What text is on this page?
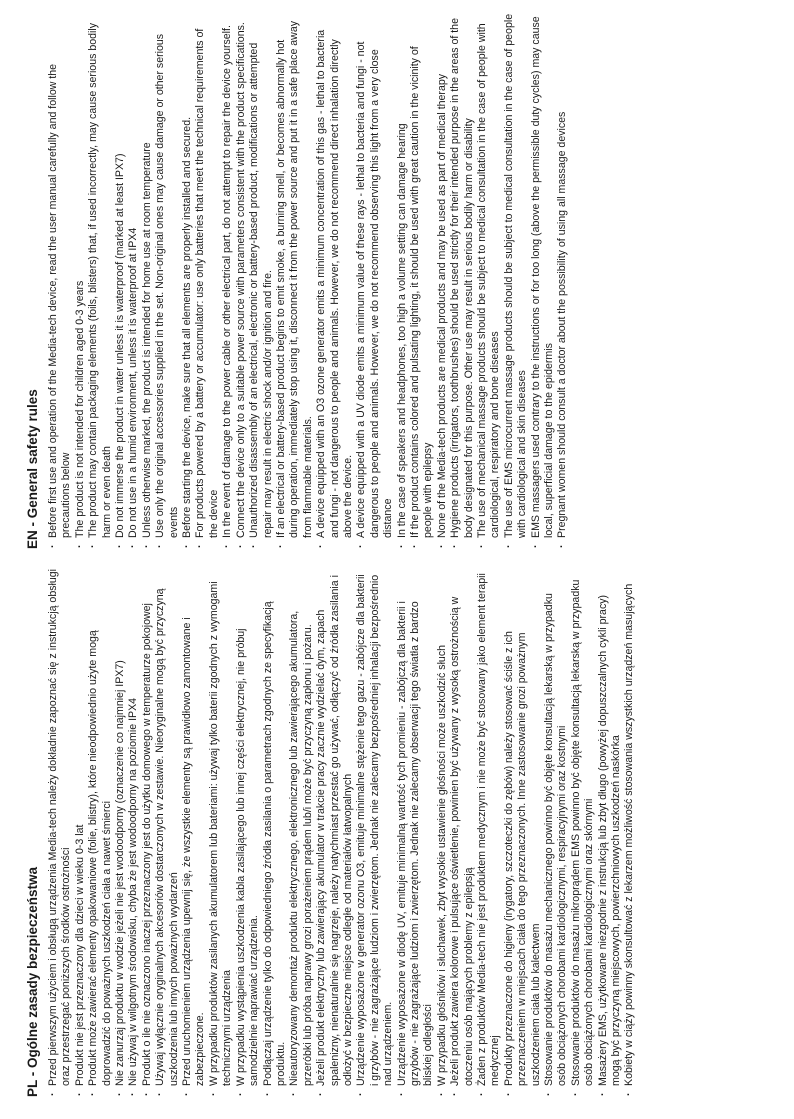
PL - Ogólne zasady bezpieczeństwa · Przed pierwszym użyciem i obsługą urządzenia Media-tech należy dokładnie zapoznać się z instrukcją obsługi oraz przestrzegać poniższych środków ostrożności · Produkt nie jest przeznaczony dla dzieci w wieku 0-3 lat · Produkt może zawierać elementy opakowaniowe (folie, blistry), które nieodpowiednio użyte mogą doprowadzić do poważnych uszkodzeń ciała a nawet śmierci · Nie zanurzaj produktu w wodzie jeżeli nie jest wodoodporny (oznaczenie co najmniej IPX7) · Nie używaj w wilgotnym środowisku, chyba że jest wodoodporny na poziomie IPX4 · Produkt o ile nie oznaczono inaczej przeznaczony jest do użytku domowego w temperaturze pokojowej · Używaj wyłącznie oryginalnych akcesoriów dostarczonych w zestawie. Nieoryginalne mogą być przyczyną uszkodzenia lub innych poważnych wydarzeń · Przed uruchomieniem urządzenia upewnij się, że wszystkie elementy są prawidłowo zamontowane i zabezpieczone. · W przypadku produktów zasilanych akumulatorem lub bateriami: używaj tylko baterii zgodnych z wymogami technicznymi urządzenia · W przypadku wystąpienia uszkodzenia kabla zasilającego lub innej części elektrycznej, nie próbuj samodzielnie naprawiać urządzenia. · Podłączaj urządzenie tylko do odpowiedniego źródła zasilania o parametrach zgodnych ze specyfikacją produktu. · Nieautoryzowany demontaż produktu elektrycznego, elektronicznego lub zawierającego akumulatora, przeróbki lub próba naprawy grozi porażeniem prądem lub/i może być przyczyną zapłonu i pożaru. · Jeżeli produkt elektryczny lub zawierający akumulator w trakcie pracy zacznie wydzielać dym, zapach spalenizny, nienaturalnie się nagrzeje, należy natychmiast przestać go używać, odłączyć od źródła zasilania i odłożyć w bezpieczne miejsce odległe od materiałów łatwopalnych · Urządzenie wyposażone w generator ozonu O3, emituje minimalne stężenie tego gazu - zabójcze dla bakterii i grzybów - nie zagrażające ludziom i zwierzętom. Jednak nie zalecamy bezpośredniej inhalacji bezpośrednio nad urządzeniem. · Urządzenie wyposażone w diodę UV, emituje minimalną wartość tych promieniu - zabójczą dla bakterii i grzybów - nie zagrażające ludziom i zwierzętom. Jednak nie zalecamy obserwacji tego światła z bardzo bliskiej odległości · W przypadku głośników i słuchawek, zbyt wysokie ustawienie głośności może uszkodzić słuch · Jeżeli produkt zawiera kolorowe i pulsujące oświetlenie, powinien być używany z wysoką ostrożnością w otoczeniu osób mających problemy z epilepsją · Żaden z produktów Media-tech nie jest produktem medycznym i nie może być stosowany jako element terapii medycznej · Produkty przeznaczone do higieny (irygatory, szczoteczki do zębów) należy stosować ściśle z ich przeznaczeniem w miejscach ciała do tego przeznaczonych. Inne zastosowanie grozi poważnym uszkodzeniem ciała lub kalectwem · Stosowanie produktów do masażu mechanicznego powinno być objęte konsultacją lekarską w przypadku osób obciążonych chorobami kardiologicznymi, respiracyjnymi oraz kostnymi · Stosowanie produktów do masażu mikroprądem EMS powinno być objęte konsultacją lekarską w przypadku osób obciążonych chorobami kardiologicznymi oraz skórnymi · Masażery EMS, użytkowane niezgodnie z instrukcją lub zbyt długo (powyżej dopuszczalnych cykli pracy) mogą być przyczyną miejscowych, powierzchniowych uszkodzeń naskórka · Kobiety w ciąży powinny skonsultować z lekarzem możliwość stosowania wszystkich urządzeń masujących
EN - General safety rules · Before first use and operation of the Media-tech device, read the user manual carefully and follow the precautions below · The product is not intended for children aged 0-3 years · The product may contain packaging elements (foils, blisters) that, if used incorrectly, may cause serious bodily harm or even death · Do not immerse the product in water unless it is waterproof (marked at least IPX7) · Do not use in a humid environment, unless it is waterproof at IPX4 · Unless otherwise marked, the product is intended for home use at room temperature · Use only the original accessories supplied in the set. Non-original ones may cause damage or other serious events · Before starting the device, make sure that all elements are properly installed and secured. · For products powered by a battery or accumulator: use only batteries that meet the technical requirements of the device · In the event of damage to the power cable or other electrical part, do not attempt to repair the device yourself. · Connect the device only to a suitable power source with parameters consistent with the product specifications. · Unauthorized disassembly of an electrical, electronic or battery-based product, modifications or attempted repair may result in electric shock and/or ignition and fire. · If an electrical or battery-based product begins to emit smoke, a burning smell, or becomes abnormally hot during operation, immediately stop using it, disconnect it from the power source and put it in a safe place away from flammable materials. · A device equipped with an O3 ozone generator emits a minimum concentration of this gas - lethal to bacteria and fungi - not dangerous to people and animals. However, we do not recommend direct inhalation directly above the device. · A device equipped with a UV diode emits a minimum value of these rays - lethal to bacteria and fungi - not dangerous to people and animals. However, we do not recommend observing this light from a very close distance · In the case of speakers and headphones, too high a volume setting can damage hearing · If the product contains colored and pulsating lighting, it should be used with great caution in the vicinity of people with epilepsy · None of the Media-tech products are medical products and may be used as part of medical therapy · Hygiene products (irrigators, toothbrushes) should be used strictly for their intended purpose in the areas of the body designated for this purpose. Other use may result in serious bodily harm or disability · The use of mechanical massage products should be subject to medical consultation in the case of people with cardiological, respiratory and bone diseases · The use of EMS microcurrent massage products should be subject to medical consultation in the case of people with cardiological and skin diseases · EMS massagers used contrary to the instructions or for too long (above the permissible duty cycles) may cause local, superficial damage to the epidermis · Pregnant women should consult a doctor about the possibility of using all massage devices
